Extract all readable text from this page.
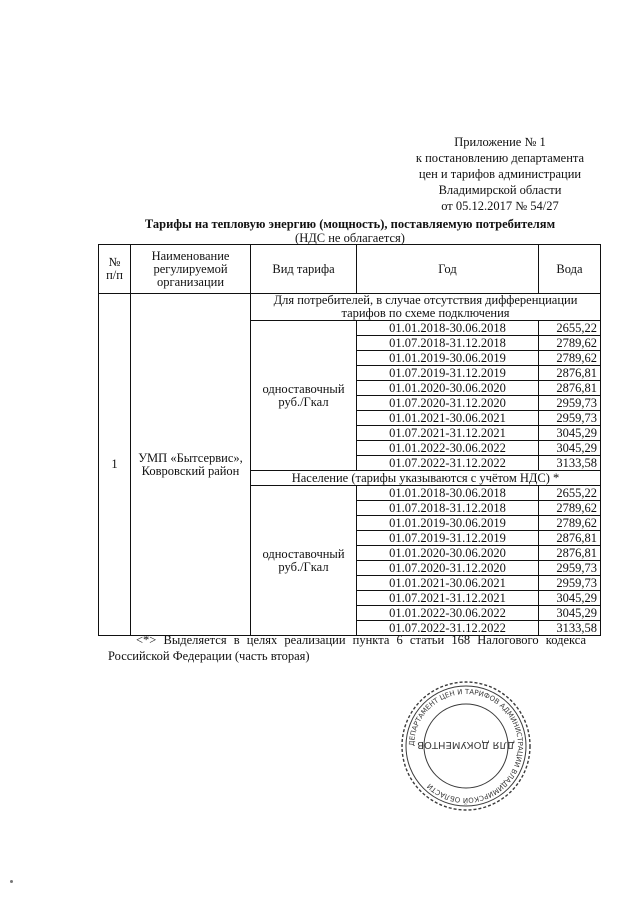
Приложение № 1
к постановлению департамента
цен и тарифов администрации
Владимирской области
от 05.12.2017 № 54/27
Тарифы на тепловую энергию (мощность), поставляемую потребителям
(НДС не облагается)
№ п/п	Наименование регулируемой организации	Вид тарифа	Год	Вода
1	УМП «Бытсервис», Ковровский район	Для потребителей, в случае отсутствия дифференциации тарифов по схеме подключения		
		одноставочный руб./Гкал	01.01.2018-30.06.2018	2655,22
			01.07.2018-31.12.2018	2789,62
			01.01.2019-30.06.2019	2789,62
			01.07.2019-31.12.2019	2876,81
			01.01.2020-30.06.2020	2876,81
			01.07.2020-31.12.2020	2959,73
			01.01.2021-30.06.2021	2959,73
			01.07.2021-31.12.2021	3045,29
			01.01.2022-30.06.2022	3045,29
			01.07.2022-31.12.2022	3133,58
		Население (тарифы указываются с учётом НДС) *		
		одноставочный руб./Гкал	01.01.2018-30.06.2018	2655,22
			01.07.2018-31.12.2018	2789,62
			01.01.2019-30.06.2019	2789,62
			01.07.2019-31.12.2019	2876,81
			01.01.2020-30.06.2020	2876,81
			01.07.2020-31.12.2020	2959,73
			01.01.2021-30.06.2021	2959,73
			01.07.2021-31.12.2021	3045,29
			01.01.2022-30.06.2022	3045,29
			01.07.2022-31.12.2022	3133,58
<*> Выделяется в целях реализации пункта 6 статьи 168 Налогового кодекса
Российской Федерации (часть вторая)
ДЕПАРТАМЕНТ ЦЕН И ТАРИФОВ АДМИНИСТРАЦИИ ВЛАДИМИРСКОЙ ОБЛАСТИ
ДЛЯ ДОКУМЕНТОВ
